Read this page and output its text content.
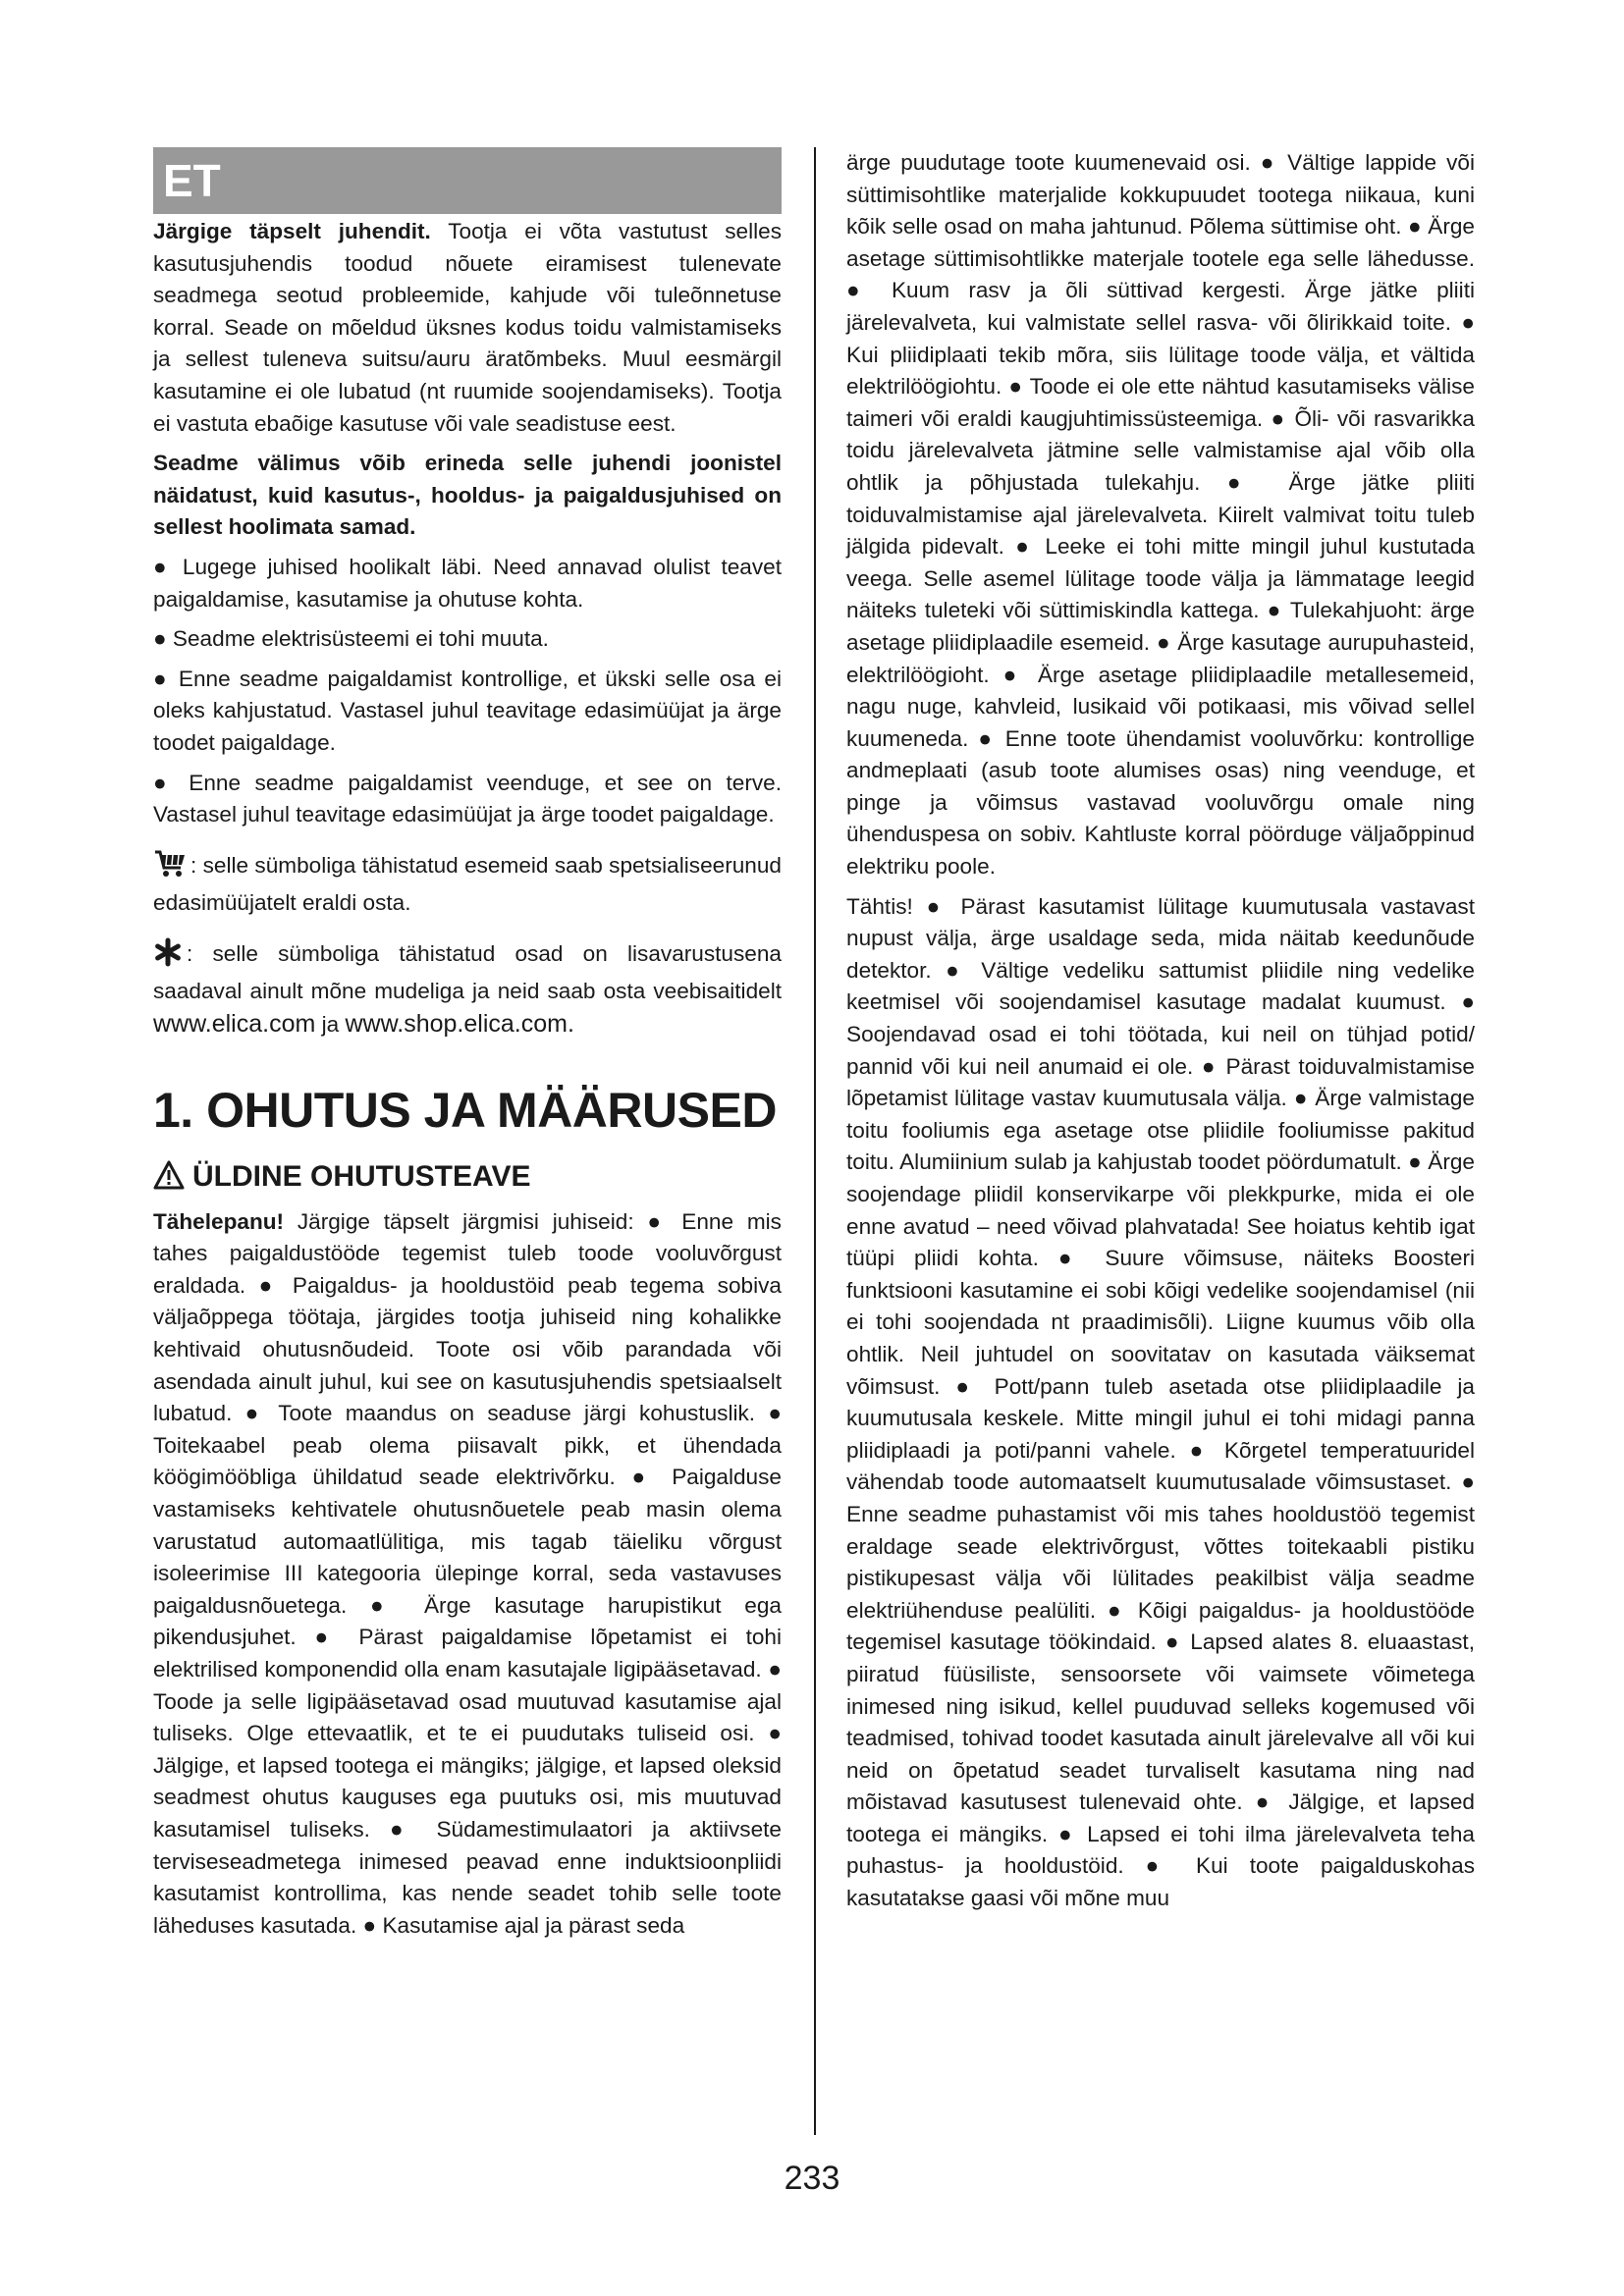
ET

Järgige täpselt juhendit. Tootja ei võta vastutust selles kasutusjuhendis toodud nõuete eiramisest tulenevate seadmega seotud probleemide, kahjude või tuleõnnetuse korral. Seade on mõeldud üksnes kodus toidu valmistamiseks ja sellest tuleneva suitsu/auru äratõmbeks. Muul eesmärgil kasutamine ei ole lubatud (nt ruumide soojendamiseks). Tootja ei vastuta ebaõige kasutuse või vale seadistuse eest.

Seadme välimus võib erineda selle juhendi joonistel näidatust, kuid kasutus-, hooldus- ja paigaldusjuhised on sellest hoolimata samad.

● Lugege juhised hoolikalt läbi. Need annavad olulist teavet paigaldamise, kasutamise ja ohutuse kohta.

● Seadme elektrisüsteemi ei tohi muuta.

● Enne seadme paigaldamist kontrollige, et ükski selle osa ei oleks kahjustatud. Vastasel juhul teavitage edasimüüjat ja ärge toodet paigaldage.

● Enne seadme paigaldamist veenduge, et see on terve. Vastasel juhul teavitage edasimüüjat ja ärge toodet paigaldage.

: selle sümboliga tähistatud esemeid saab spetsialiseerunud edasimüüjatelt eraldi osta.

: selle sümboliga tähistatud osad on lisavarustusena saadaval ainult mõne mudeliga ja neid saab osta veebisaitidelt www.elica.com ja www.shop.elica.com.

1. OHUTUS JA MÄÄRUSED
ÜLDINE OHUTUSTEAVE

Tähelepanu! Järgige täpselt järgmisi juhiseid: ● Enne mis tahes paigaldustööde tegemist tuleb toode vooluvõrgust eraldada. ● Paigaldus- ja hooldustöid peab tegema sobiva väljaõppega töötaja, järgides tootja juhiseid ning kohalikke kehtivaid ohutusnõudeid. Toote osi võib parandada või asendada ainult juhul, kui see on kasutusjuhendis spetsiaalselt lubatud. ● Toote maandus on seaduse järgi kohustuslik. ● Toitekaabel peab olema piisavalt pikk, et ühendada köögimööbliga ühildatud seade elektrivõrku. ● Paigalduse vastamiseks kehtivatele ohutusnõuetele peab masin olema varustatud automaatlülitiga, mis tagab täieliku võrgust isoleerimise III kategooria ülepinge korral, seda vastavuses paigaldusnõuetega. ● Ärge kasutage harupistikut ega pikendusjuhet. ● Pärast paigaldamise lõpetamist ei tohi elektrilised komponendid olla enam kasutajale ligipääsetavad. ● Toode ja selle ligipääsetavad osad muutuvad kasutamise ajal tuliseks. Olge ettevaatlik, et te ei puudutaks tuliseid osi. ● Jälgige, et lapsed tootega ei mängiks; jälgige, et lapsed oleksid seadmest ohutus kauguses ega puutuks osi, mis muutuvad kasutamisel tuliseks. ● Südamestimulaatori ja aktiivsete terviseseadmetega inimesed peavad enne induktsioonpliidi kasutamist kontrollima, kas nende seadet tohib selle toote läheduses kasutada. ● Kasutamise ajal ja pärast seda

ärge puudutage toote kuumenevaid osi. ● Vältige lappide või süttimisohtlike materjalide kokkupuudet tootega niikaua, kuni kõik selle osad on maha jahtunud. Põlema süttimise oht. ● Ärge asetage süttimisohtlikke materjale tootele ega selle lähedusse. ● Kuum rasv ja õli süttivad kergesti. Ärge jätke pliiti järelevalveta, kui valmistate sellel rasva- või õlirikkaid toite. ● Kui pliidiplaati tekib mõra, siis lülitage toode välja, et vältida elektrilöögiohtu. ● Toode ei ole ette nähtud kasutamiseks välise taimeri või eraldi kaugjuhtimissüsteemiga. ● Õli- või rasvarikka toidu järelevalveta jätmine selle valmistamise ajal võib olla ohtlik ja põhjustada tulekahju. ● Ärge jätke pliiti toiduvalmistamise ajal järelevalveta. Kiirelt valmivat toitu tuleb jälgida pidevalt. ● Leeke ei tohi mitte mingil juhul kustutada veega. Selle asemel lülitage toode välja ja lämmatage leegid näiteks tuleteki või süttimiskindla kattega. ● Tulekahjuoht: ärge asetage pliidiplaadile esemeid. ● Ärge kasutage aurupuhasteid, elektrilöögioht. ● Ärge asetage pliidiplaadile metallesemeid, nagu nuge, kahvleid, lusikaid või potikaasi, mis võivad sellel kuumeneda. ● Enne toote ühendamist vooluvõrku: kontrollige andmeplaati (asub toote alumises osas) ning veenduge, et pinge ja võimsus vastavad vooluvõrgu omale ning ühenduspesa on sobiv. Kahtluste korral pöörduge väljaõppinud elektriku poole.

Tähtis! ● Pärast kasutamist lülitage kuumutusala vastavast nupust välja, ärge usaldage seda, mida näitab keedunõude detektor. ● Vältige vedeliku sattumist pliidile ning vedelike keetmisel või soojendamisel kasutage madalat kuumust. ● Soojendavad osad ei tohi töötada, kui neil on tühjad potid/ pannid või kui neil anumaid ei ole. ● Pärast toiduvalmistamise lõpetamist lülitage vastav kuumutusala välja. ● Ärge valmistage toitu fooliumis ega asetage otse pliidile fooliumisse pakitud toitu. Alumiinium sulab ja kahjustab toodet pöördumatult. ● Ärge soojendage pliidil konservikarpe või plekkpurke, mida ei ole enne avatud – need võivad plahvatada! See hoiatus kehtib igat tüüpi pliidi kohta. ● Suure võimsuse, näiteks Boosteri funktsiooni kasutamine ei sobi kõigi vedelike soojendamisel (nii ei tohi soojendada nt praadimisõli). Liigne kuumus võib olla ohtlik. Neil juhtudel on soovitatav on kasutada väiksemat võimsust. ● Pott/pann tuleb asetada otse pliidiplaadile ja kuumutusala keskele. Mitte mingil juhul ei tohi midagi panna pliidiplaadi ja poti/panni vahele. ● Kõrgetel temperatuuridel vähendab toode automaatselt kuumutusalade võimsustaset. ● Enne seadme puhastamist või mis tahes hooldustöö tegemist eraldage seade elektrivõrgust, võttes toitekaabli pistiku pistikupesast välja või lülitades peakilbist välja seadme elektriühenduse pealüliti. ● Kõigi paigaldus- ja hooldustööde tegemisel kasutage töökindaid. ● Lapsed alates 8. eluaastast, piiratud füüsiliste, sensoorsete või vaimsete võimetega inimesed ning isikud, kellel puuduvad selleks kogemused või teadmised, tohivad toodet kasutada ainult järelevalve all või kui neid on õpetatud seadet turvaliselt kasutama ning nad mõistavad kasutusest tulenevaid ohte. ● Jälgige, et lapsed tootega ei mängiks. ● Lapsed ei tohi ilma järelevalveta teha puhastus- ja hooldustöid. ● Kui toote paigalduskohas kasutatakse gaasi või mõne muu

233
